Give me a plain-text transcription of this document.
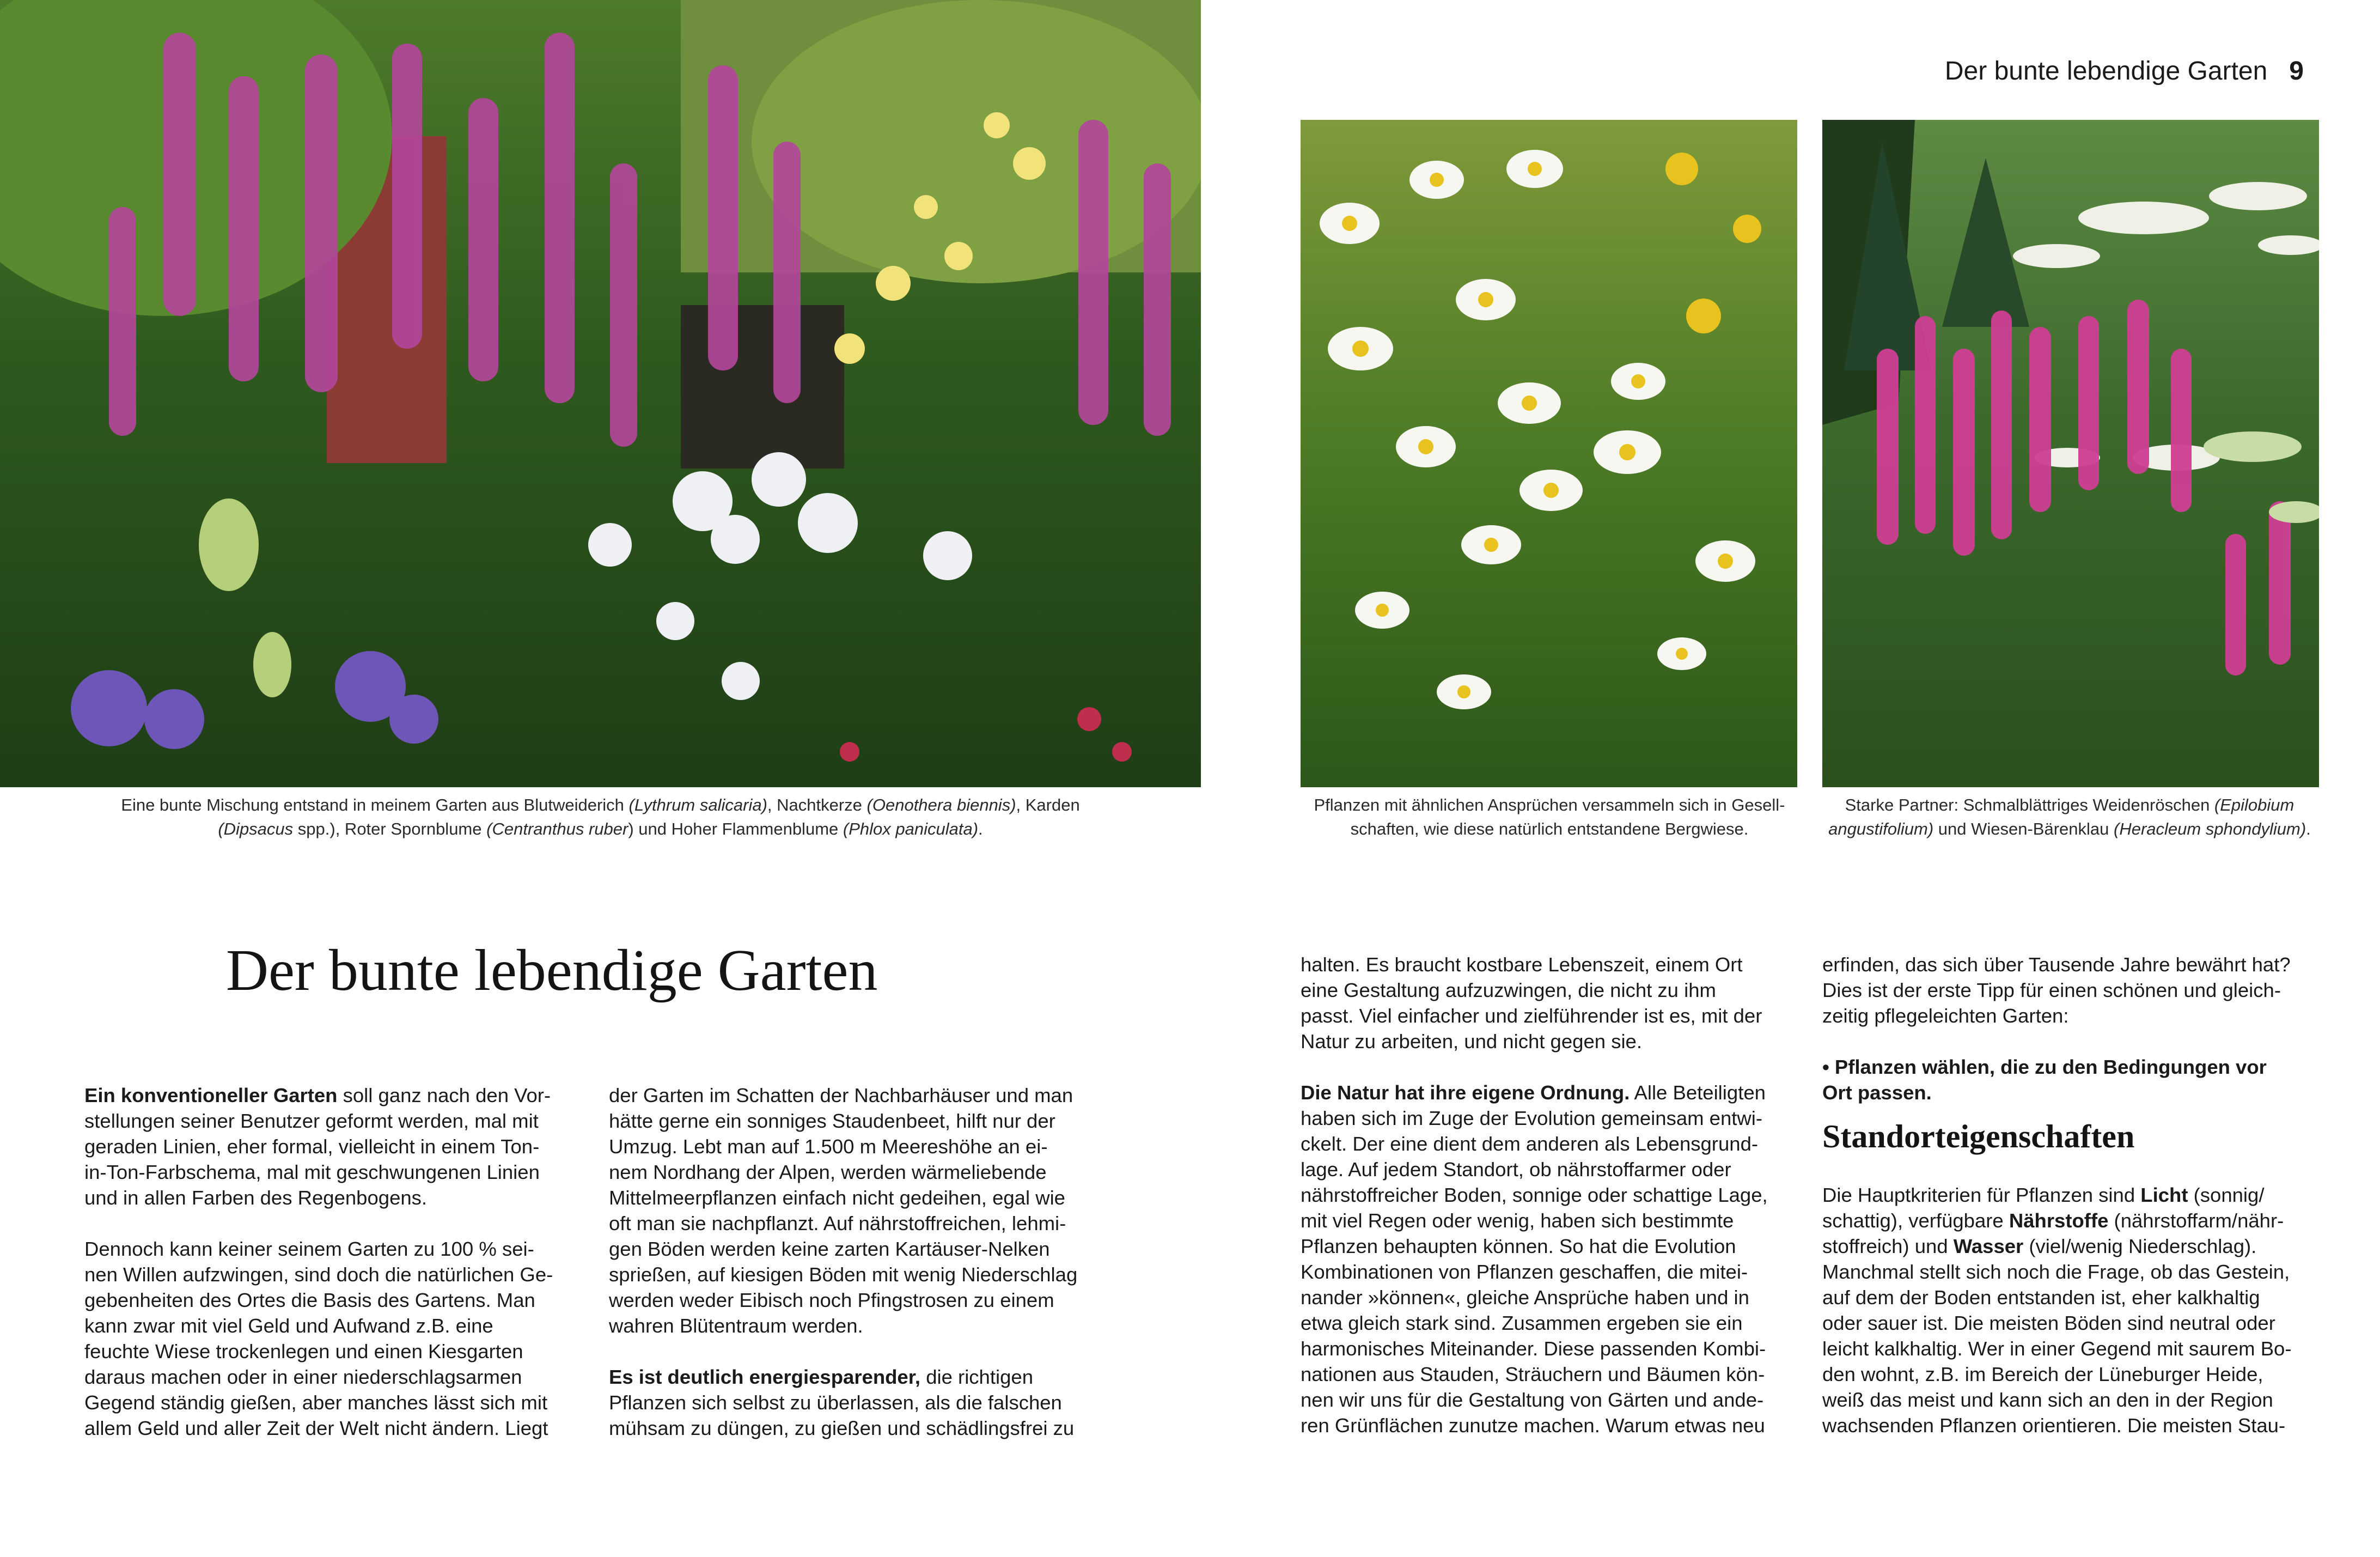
Der bunte lebendige Garten 9
Eine bunte Mischung entstand in meinem Garten aus Blutweiderich (Lythrum salicaria), Nachtkerze (Oenothera biennis), Karden
(Dipsacus spp.), Roter Spornblume (Centranthus ruber) und Hoher Flammenblume (Phlox paniculata).
Pflanzen mit ähnlichen Ansprüchen versammeln sich in Gesell-
schaften, wie diese natürlich entstandene Bergwiese.
Starke Partner: Schmalblättriges Weidenröschen (Epilobium
angustifolium) und Wiesen-Bärenklau (Heracleum sphondylium).
Der bunte lebendige Garten

Ein konventioneller Garten soll ganz nach den Vor-
stellungen seiner Benutzer geformt werden, mal mit
geraden Linien, eher formal, vielleicht in einem Ton-
in-Ton-Farbschema, mal mit geschwungenen Linien
und in allen Farben des Regenbogens.

Dennoch kann keiner seinem Garten zu 100 % sei-
nen Willen aufzwingen, sind doch die natürlichen Ge-
gebenheiten des Ortes die Basis des Gartens. Man
kann zwar mit viel Geld und Aufwand z.B. eine
feuchte Wiese trockenlegen und einen Kiesgarten
daraus machen oder in einer niederschlagsarmen
Gegend ständig gießen, aber manches lässt sich mit
allem Geld und aller Zeit der Welt nicht ändern. Liegt

der Garten im Schatten der Nachbarhäuser und man
hätte gerne ein sonniges Staudenbeet, hilft nur der
Umzug. Lebt man auf 1.500 m Meereshöhe an ei-
nem Nordhang der Alpen, werden wärmeliebende
Mittelmeerpflanzen einfach nicht gedeihen, egal wie
oft man sie nachpflanzt. Auf nährstoffreichen, lehmi-
gen Böden werden keine zarten Kartäuser-Nelken
sprießen, auf kiesigen Böden mit wenig Niederschlag
werden weder Eibisch noch Pfingstrosen zu einem
wahren Blütentraum werden.

Es ist deutlich energiesparender, die richtigen
Pflanzen sich selbst zu überlassen, als die falschen
mühsam zu düngen, zu gießen und schädlingsfrei zu

halten. Es braucht kostbare Lebenszeit, einem Ort
eine Gestaltung aufzuzwingen, die nicht zu ihm
passt. Viel einfacher und zielführender ist es, mit der
Natur zu arbeiten, und nicht gegen sie.

Die Natur hat ihre eigene Ordnung. Alle Beteiligten
haben sich im Zuge der Evolution gemeinsam entwi-
ckelt. Der eine dient dem anderen als Lebensgrund-
lage. Auf jedem Standort, ob nährstoffarmer oder
nährstoffreicher Boden, sonnige oder schattige Lage,
mit viel Regen oder wenig, haben sich bestimmte
Pflanzen behaupten können. So hat die Evolution
Kombinationen von Pflanzen geschaffen, die mitei-
nander »können«, gleiche Ansprüche haben und in
etwa gleich stark sind. Zusammen ergeben sie ein
harmonisches Miteinander. Diese passenden Kombi-
nationen aus Stauden, Sträuchern und Bäumen kön-
nen wir uns für die Gestaltung von Gärten und ande-
ren Grünflächen zunutze machen. Warum etwas neu

erfinden, das sich über Tausende Jahre bewährt hat?
Dies ist der erste Tipp für einen schönen und gleich-
zeitig pflegeleichten Garten:

• Pflanzen wählen, die zu den Bedingungen vor
Ort passen.

Standorteigenschaften

Die Hauptkriterien für Pflanzen sind Licht (sonnig/
schattig), verfügbare Nährstoffe (nährstoffarm/nähr-
stoffreich) und Wasser (viel/wenig Niederschlag).
Manchmal stellt sich noch die Frage, ob das Gestein,
auf dem der Boden entstanden ist, eher kalkhaltig
oder sauer ist. Die meisten Böden sind neutral oder
leicht kalkhaltig. Wer in einer Gegend mit saurem Bo-
den wohnt, z.B. im Bereich der Lüneburger Heide,
weiß das meist und kann sich an den in der Region
wachsenden Pflanzen orientieren. Die meisten Stau-
